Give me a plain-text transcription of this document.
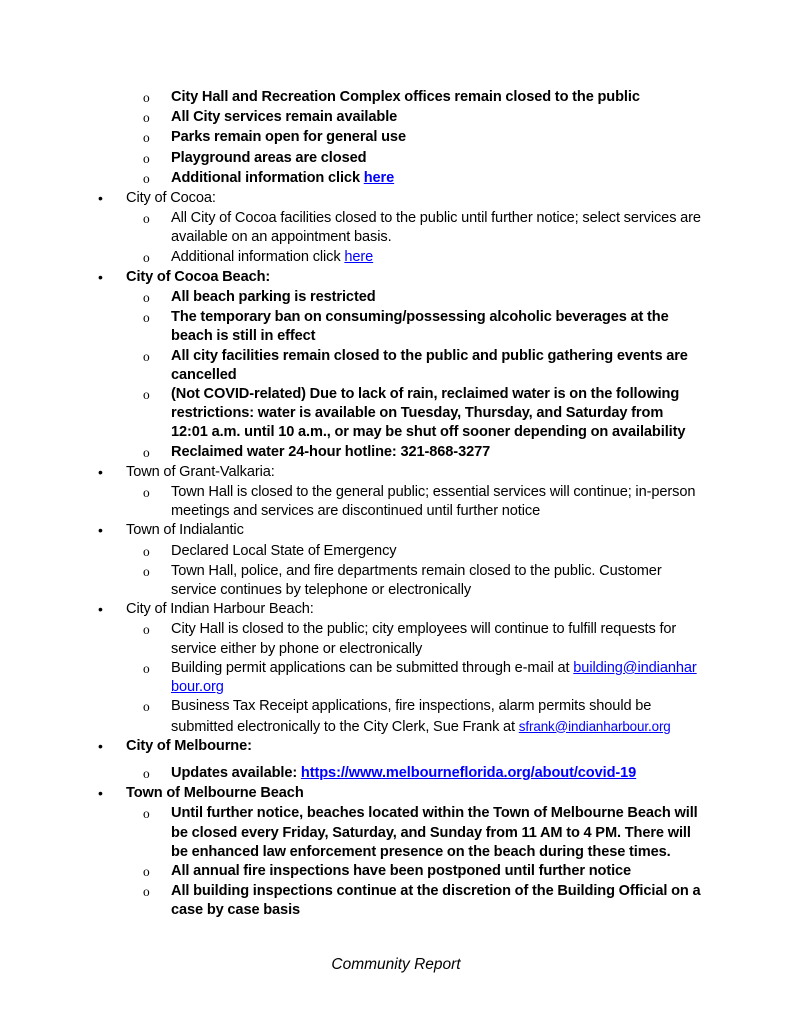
o
City Hall and Recreation Complex offices remain closed to the public
o
All City services remain available
o
Parks remain open for general use
o
Playground areas are closed
o
Additional information click here
•
City of Cocoa:
o
All City of Cocoa facilities closed to the public until further notice; select services are available on an appointment basis.
o
Additional information click here
•
City of Cocoa Beach:
o
All beach parking is restricted
o
The temporary ban on consuming/possessing alcoholic beverages at the beach is still in effect
o
All city facilities remain closed to the public and public gathering events are cancelled
o
(Not COVID-related) Due to lack of rain, reclaimed water is on the following restrictions: water is available on Tuesday, Thursday, and Saturday from 12:01 a.m. until 10 a.m., or may be shut off sooner depending on availability
o
Reclaimed water 24-hour hotline: 321-868-3277
•
Town of Grant-Valkaria:
o
Town Hall is closed to the general public; essential services will continue; in-person meetings and services are discontinued until further notice
•
Town of Indialantic
o
Declared Local State of Emergency
o
Town Hall, police, and fire departments remain closed to the public. Customer service continues by telephone or electronically
•
City of Indian Harbour Beach:
o
City Hall is closed to the public; city employees will continue to fulfill requests for service either by phone or electronically
o
Building permit applications can be submitted through e-mail at building@indianharbour.org
o
Business Tax Receipt applications, fire inspections, alarm permits should be submitted electronically to the City Clerk, Sue Frank at sfrank@indianharbour.org
•
City of Melbourne:
o
Updates available: https://www.melbourneflorida.org/about/covid-19
•
Town of Melbourne Beach
o
Until further notice, beaches located within the Town of Melbourne Beach will be closed every Friday, Saturday, and Sunday from 11 AM to 4 PM. There will be enhanced law enforcement presence on the beach during these times.
o
All annual fire inspections have been postponed until further notice
o
All building inspections continue at the discretion of the Building Official on a case by case basis
Community Report
